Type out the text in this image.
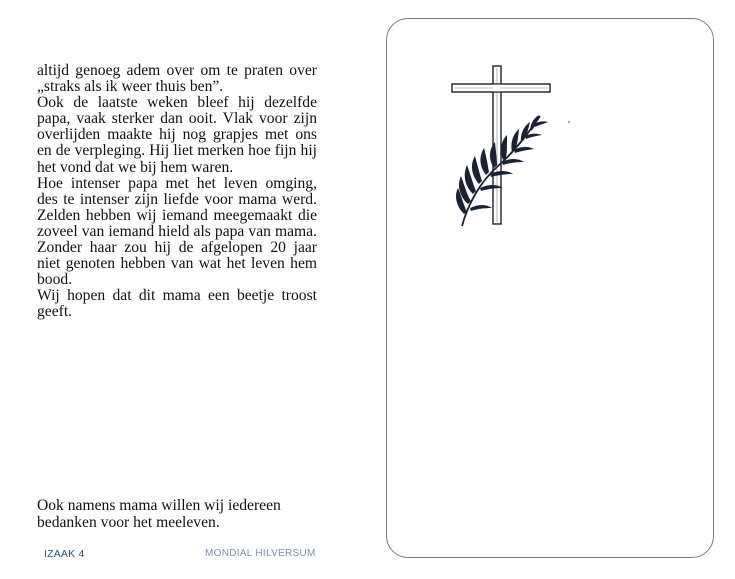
altijd genoeg adem over om te praten over „straks als ik weer thuis ben”.

Ook de laatste weken bleef hij dezelfde papa, vaak sterker dan ooit. Vlak voor zijn overlijden maakte hij nog grapjes met ons en de verpleging. Hij liet merken hoe fijn hij het vond dat we bij hem waren.

Hoe intenser papa met het leven omging, des te intenser zijn liefde voor mama werd. Zelden hebben wij iemand meegemaakt die zoveel van iemand hield als papa van mama. Zonder haar zou hij de afgelopen 20 jaar niet genoten hebben van wat het leven hem bood.

Wij hopen dat dit mama een beetje troost geeft.

Ook namens mama willen wij iedereen bedanken voor het meeleven.
IZAAK 4	MONDIAL HILVERSUM
